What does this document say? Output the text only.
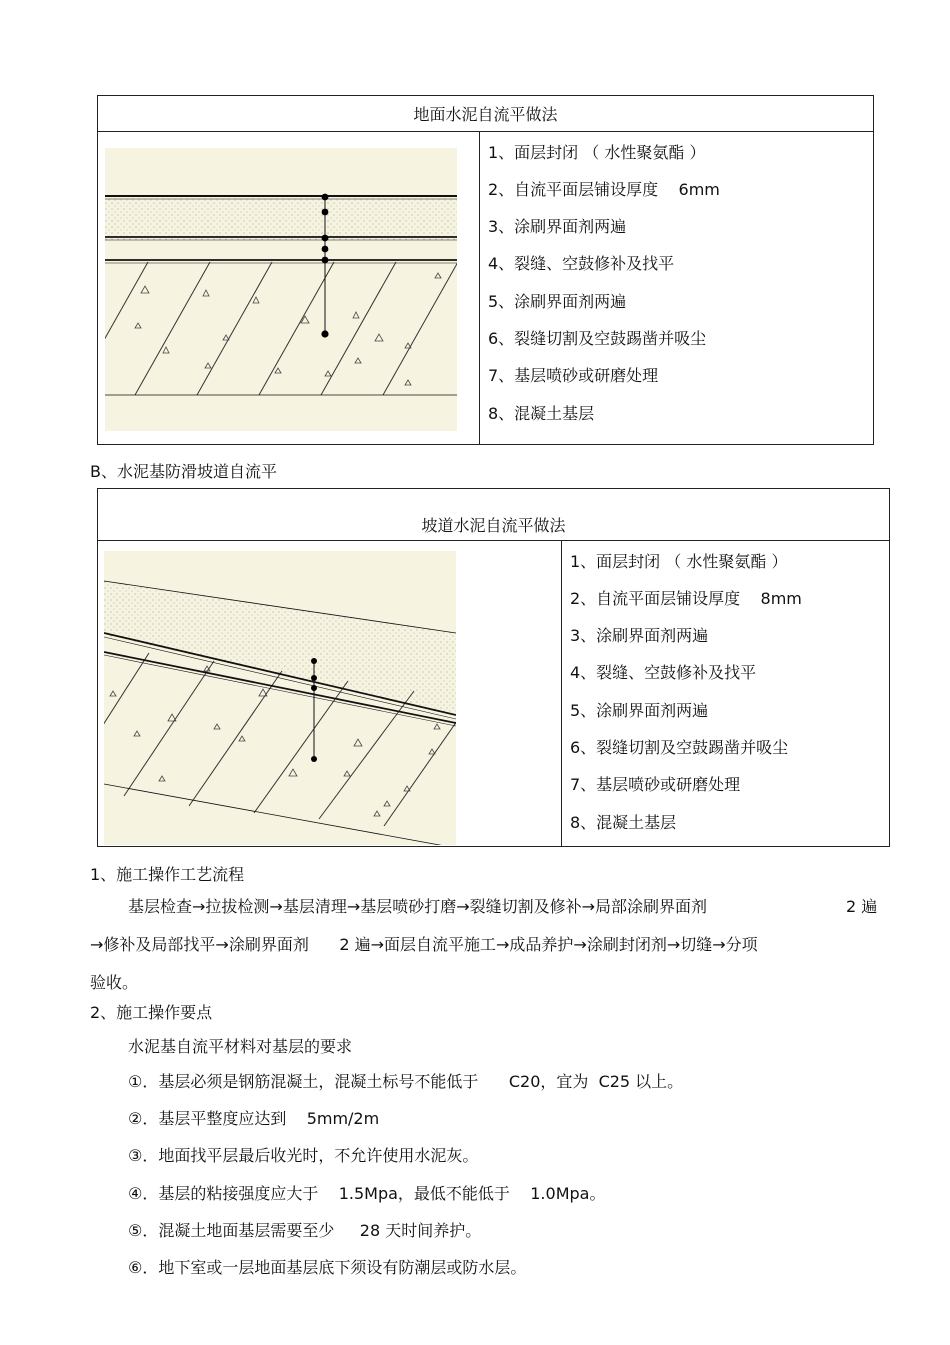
地面水泥自流平做法
1、面层封闭 （ 水性聚氨酯 ）
2、自流平面层铺设厚度    6mm
3、涂刷界面剂两遍
4、裂缝、空鼓修补及找平
5、涂刷界面剂两遍
6、裂缝切割及空鼓踢凿并吸尘
7、基层喷砂或研磨处理
8、混凝土基层
B、水泥基防滑坡道自流平
坡道水泥自流平做法
1、面层封闭 （ 水性聚氨酯 ）
2、自流平面层铺设厚度    8mm
3、涂刷界面剂两遍
4、裂缝、空鼓修补及找平
5、涂刷界面剂两遍
6、裂缝切割及空鼓踢凿并吸尘
7、基层喷砂或研磨处理
8、混凝土基层
1、施工操作工艺流程
基层检查→拉拔检测→基层清理→基层喷砂打磨→裂缝切割及修补→局部涂刷界面剂	2 遍
→修补及局部找平→涂刷界面剂      2 遍→面层自流平施工→成品养护→涂刷封闭剂→切缝→分项
验收。
2、施工操作要点
水泥基自流平材料对基层的要求
①．基层必须是钢筋混凝土，混凝土标号不能低于      C20，宜为  C25 以上。
②．基层平整度应达到    5mm/2m
③．地面找平层最后收光时，不允许使用水泥灰。
④．基层的粘接强度应大于    1.5Mpa，最低不能低于    1.0Mpa。
⑤．混凝土地面基层需要至少     28 天时间养护。
⑥．地下室或一层地面基层底下须设有防潮层或防水层。
